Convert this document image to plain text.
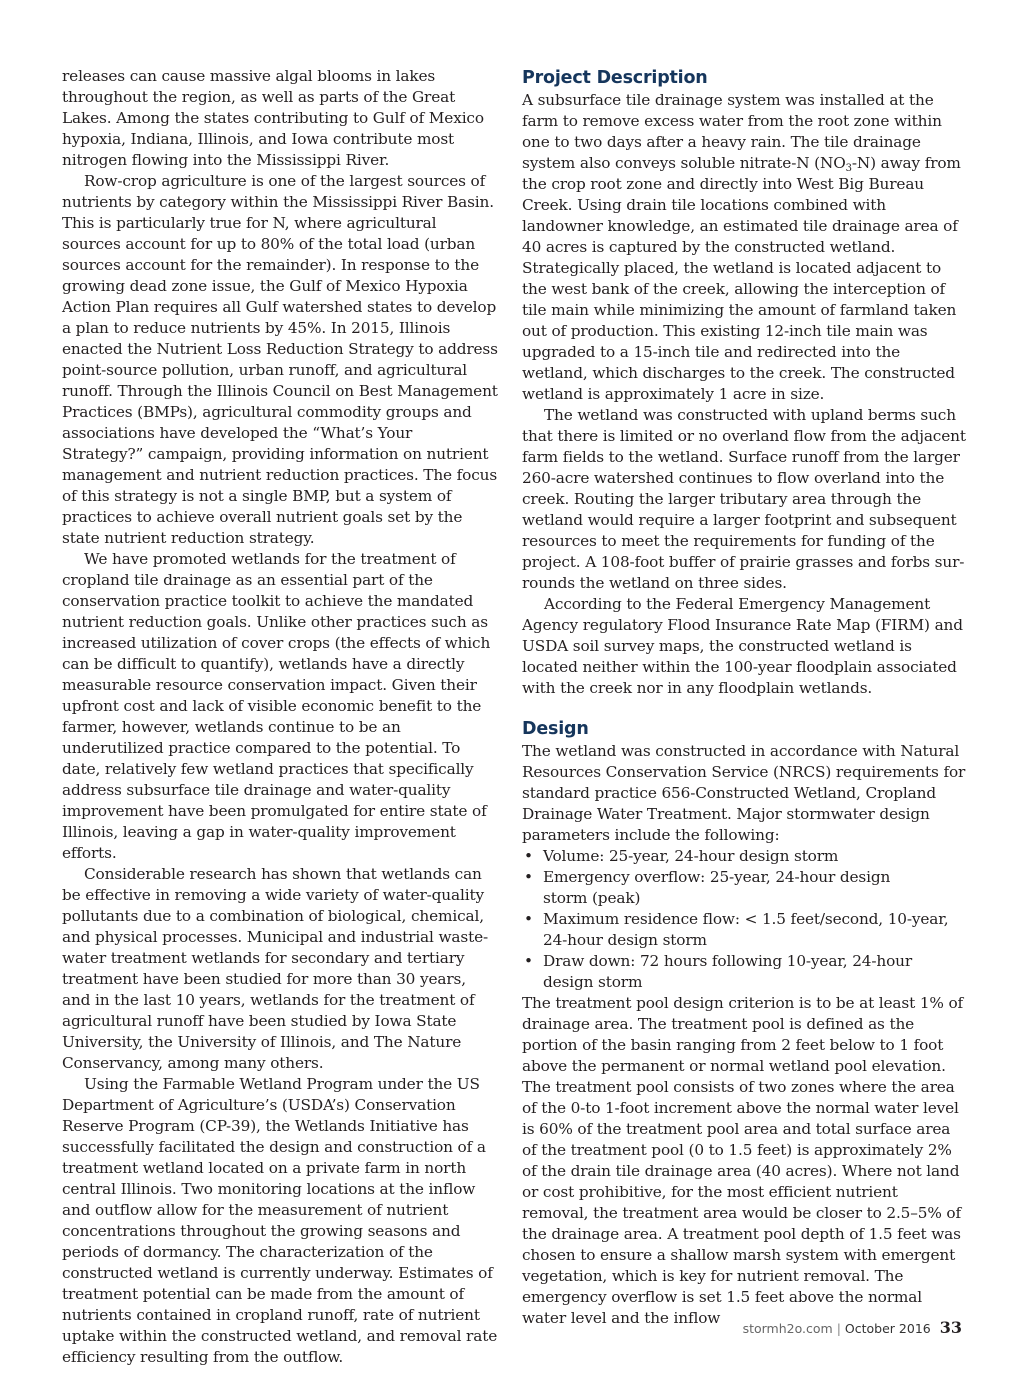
releases can cause massive algal blooms in lakes throughout the region, as well as parts of the Great Lakes. Among the states contributing to Gulf of Mexico hypoxia, Indiana, Illinois, and Iowa contribute most nitrogen flowing into the Mississippi River.

Row-crop agriculture is one of the largest sources of nutrients by category within the Mississippi River Basin. This is particularly true for N, where agricultural sources account for up to 80% of the total load (urban sources account for the remainder). In response to the growing dead zone issue, the Gulf of Mexico Hypoxia Action Plan requires all Gulf watershed states to develop a plan to reduce nutrients by 45%. In 2015, Illinois enacted the Nutrient Loss Reduction Strategy to address point-source pollution, urban runoff, and agricultural runoff. Through the Illinois Council on Best Management Practices (BMPs), agricultural commodity groups and associations have developed the “What’s Your Strategy?” campaign, providing information on nutrient management and nutrient reduction practices. The focus of this strategy is not a single BMP, but a system of practices to achieve overall nutrient goals set by the state nutrient reduction strategy.

We have promoted wetlands for the treatment of cropland tile drainage as an essential part of the conservation practice toolkit to achieve the mandated nutrient reduction goals. Unlike other practices such as increased utilization of cover crops (the effects of which can be difficult to quantify), wetlands have a directly measurable resource conservation impact. Given their upfront cost and lack of visible economic benefit to the farmer, however, wetlands continue to be an underutilized practice compared to the potential. To date, relatively few wetland practices that specifically address subsurface tile drainage and water-quality improvement have been promulgated for entire state of Illinois, leaving a gap in water-quality improvement efforts.

Considerable research has shown that wetlands can be effective in removing a wide variety of water-quality pollutants due to a combination of biological, chemical, and physical processes. Municipal and industrial wastewater treatment wetlands for secondary and tertiary treatment have been studied for more than 30 years, and in the last 10 years, wetlands for the treatment of agricultural runoff have been studied by Iowa State University, the University of Illinois, and The Nature Conservancy, among many others.

Using the Farmable Wetland Program under the US Department of Agriculture’s (USDA’s) Conservation Reserve Program (CP-39), the Wetlands Initiative has successfully facilitated the design and construction of a treatment wetland located on a private farm in north central Illinois. Two monitoring locations at the inflow and outflow allow for the measurement of nutrient concentrations throughout the growing seasons and periods of dormancy. The characterization of the constructed wetland is currently underway. Estimates of treatment potential can be made from the amount of nutrients contained in cropland runoff, rate of nutrient uptake within the constructed wetland, and removal rate efficiency resulting from the outflow.

Project Description

A subsurface tile drainage system was installed at the farm to remove excess water from the root zone within one to two days after a heavy rain. The tile drainage system also conveys soluble nitrate-N $(NO_3-N)$ away from the crop root zone and directly into West Big Bureau Creek. Using drain tile locations combined with landowner knowledge, an estimated tile drainage area of 40 acres is captured by the constructed wetland. Strategically placed, the wetland is located adjacent to the west bank of the creek, allowing the interception of tile main while minimizing the amount of farmland taken out of production. This existing 12-inch tile main was upgraded to a 15-inch tile and redirected into the wetland, which discharges to the creek. The constructed wetland is approximately 1 acre in size.

The wetland was constructed with upland berms such that there is limited or no overland flow from the adjacent farm fields to the wetland. Surface runoff from the larger 260-acre watershed continues to flow overland into the creek. Routing the larger tributary area through the wetland would require a larger footprint and subsequent resources to meet the requirements for funding of the project. A 108-foot buffer of prairie grasses and forbs surrounds the wetland on three sides.

According to the Federal Emergency Management Agency regulatory Flood Insurance Rate Map (FIRM) and USDA soil survey maps, the constructed wetland is located neither within the 100-year floodplain associated with the creek nor in any floodplain wetlands.

Design

The wetland was constructed in accordance with Natural Resources Conservation Service (NRCS) requirements for standard practice 656-Constructed Wetland, Cropland Drainage Water Treatment. Major stormwater design parameters include the following:

• Volume: 25-year, 24-hour design storm
• Emergency overflow: 25-year, 24-hour design
storm (peak)
• Maximum residence flow: < 1.5 feet/second, 10-year,
24-hour design storm
• Draw down: 72 hours following 10-year, 24-hour
design storm

The treatment pool design criterion is to be at least 1% of drainage area. The treatment pool is defined as the portion of the basin ranging from 2 feet below to 1 foot above the permanent or normal wetland pool elevation. The treatment pool consists of two zones where the area of the 0-to 1-foot increment above the normal water level is 60% of the treatment pool area and total surface area of the treatment pool (0 to 1.5 feet) is approximately 2% of the drain tile drainage area (40 acres). Where not land or cost prohibitive, for the most efficient nutrient removal, the treatment area would be closer to 2.5–5% of the drainage area. A treatment pool depth of 1.5 feet was chosen to ensure a shallow marsh system with emergent vegetation, which is key for nutrient removal. The emergency overflow is set 1.5 feet above the normal water level and the inflow

stormh2o.com | October 2016 33
